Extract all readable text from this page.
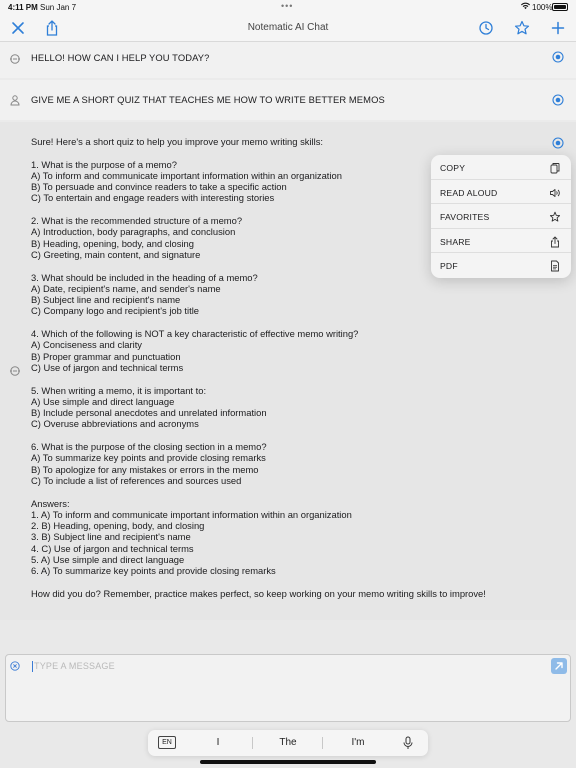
4:11 PM Sun Jan 7	•••	100%
Notematic AI Chat
HELLO! HOW CAN I HELP YOU TODAY?
GIVE ME A SHORT QUIZ THAT TEACHES ME HOW TO WRITE BETTER MEMOS
Sure! Here's a short quiz to help you improve your memo writing skills:

1. What is the purpose of a memo?
A) To inform and communicate important information within an organization
B) To persuade and convince readers to take a specific action
C) To entertain and engage readers with interesting stories

2. What is the recommended structure of a memo?
A) Introduction, body paragraphs, and conclusion
B) Heading, opening, body, and closing
C) Greeting, main content, and signature

3. What should be included in the heading of a memo?
A) Date, recipient's name, and sender's name
B) Subject line and recipient's name
C) Company logo and recipient's job title

4. Which of the following is NOT a key characteristic of effective memo writing?
A) Conciseness and clarity
B) Proper grammar and punctuation
C) Use of jargon and technical terms

5. When writing a memo, it is important to:
A) Use simple and direct language
B) Include personal anecdotes and unrelated information
C) Overuse abbreviations and acronyms

6. What is the purpose of the closing section in a memo?
A) To summarize key points and provide closing remarks
B) To apologize for any mistakes or errors in the memo
C) To include a list of references and sources used

Answers:
1. A) To inform and communicate important information within an organization
2. B) Heading, opening, body, and closing
3. B) Subject line and recipient's name
4. C) Use of jargon and technical terms
5. A) Use simple and direct language
6. A) To summarize key points and provide closing remarks

How did you do? Remember, practice makes perfect, so keep working on your memo writing skills to improve!
COPY
READ ALOUD
FAVORITES
SHARE
PDF
TYPE A MESSAGE
EN	I	The	I'm
